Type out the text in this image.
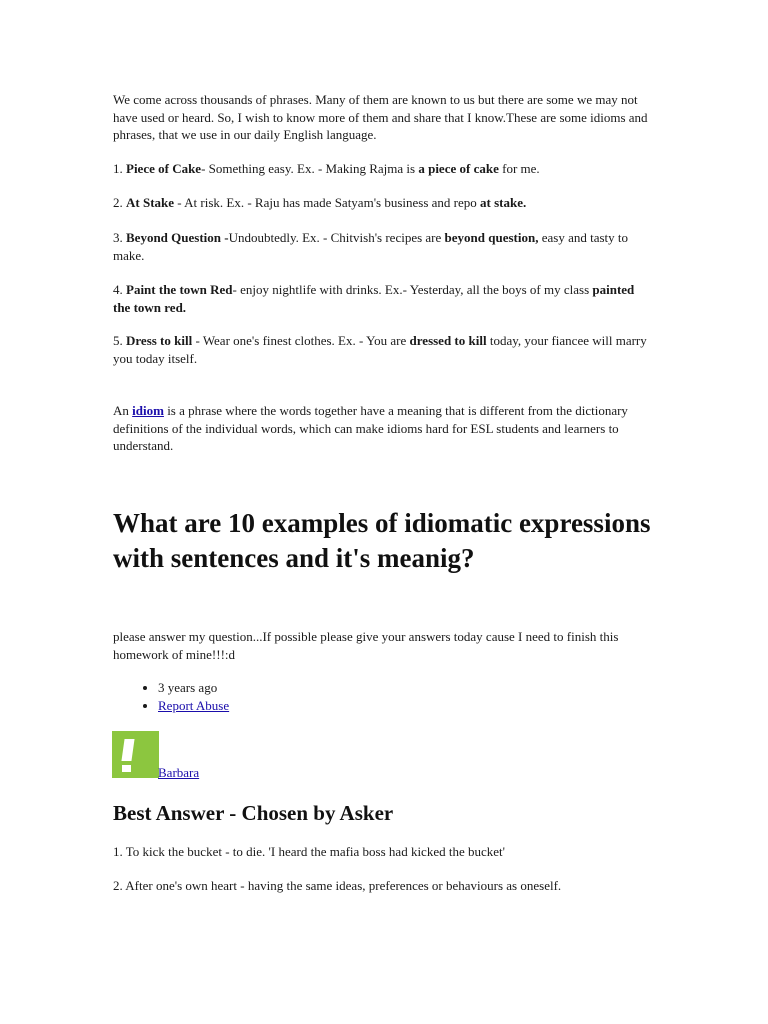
We come across thousands of phrases. Many of them are known to us but there are some we may not have used or heard. So, I wish to know more of them and share that I know.These are some idioms and phrases, that we use in our daily English language.

1. Piece of Cake- Something easy. Ex. - Making Rajma is a piece of cake for me.

2. At Stake - At risk. Ex. - Raju has made Satyam's business and repo at stake.

3. Beyond Question -Undoubtedly. Ex. - Chitvish's recipes are beyond question, easy and tasty to make.

4. Paint the town Red- enjoy nightlife with drinks. Ex.- Yesterday, all the boys of my class painted the town red.

5. Dress to kill - Wear one's finest clothes. Ex. - You are dressed to kill today, your fiancee will marry you today itself.

An idiom is a phrase where the words together have a meaning that is different from the dictionary definitions of the individual words, which can make idioms hard for ESL students and learners to understand.

What are 10 examples of idiomatic expressions with sentences and it's meanig?

please answer my question...If possible please give your answers today cause I need to finish this homework of mine!!!:d

• 3 years ago
• Report Abuse
Barbara
Best Answer - Chosen by Asker

1. To kick the bucket - to die. 'I heard the mafia boss had kicked the bucket'

2. After one's own heart - having the same ideas, preferences or behaviours as oneself.
